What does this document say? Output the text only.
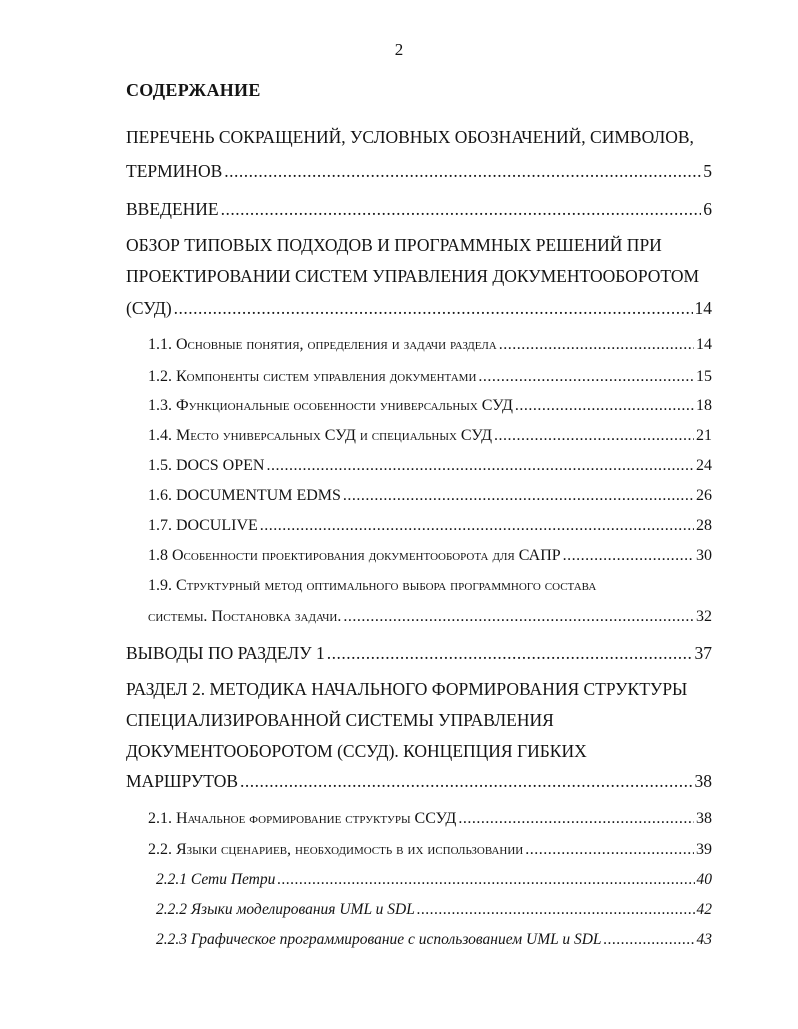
2
СОДЕРЖАНИЕ
ПЕРЕЧЕНЬ СОКРАЩЕНИЙ, УСЛОВНЫХ ОБОЗНАЧЕНИЙ, СИМВОЛОВ,
ТЕРМИНОВ .....	5
ВВЕДЕНИЕ .....	6
ОБЗОР ТИПОВЫХ ПОДХОДОВ И ПРОГРАММНЫХ РЕШЕНИЙ ПРИ
ПРОЕКТИРОВАНИИ СИСТЕМ УПРАВЛЕНИЯ ДОКУМЕНТООБОРОТОМ
(СУД) .....	14
1.1. Основные понятия, определения и задачи раздела .....	14
1.2. Компоненты систем управления документами .....	15
1.3. Функциональные особенности универсальных СУД .....	18
1.4. Место универсальных СУД и специальных СУД .....	21
1.5. DOCS OPEN .....	24
1.6. DOCUMENTUM EDMS .....	26
1.7. DOCULIVE .....	28
1.8 Особенности проектирования документооборота для САПР .....	30
1.9. Структурный метод оптимального выбора программного состава
системы. Постановка задачи. .....	32
ВЫВОДЫ ПО РАЗДЕЛУ 1 .....	37
РАЗДЕЛ 2. МЕТОДИКА НАЧАЛЬНОГО ФОРМИРОВАНИЯ СТРУКТУРЫ
СПЕЦИАЛИЗИРОВАННОЙ СИСТЕМЫ УПРАВЛЕНИЯ
ДОКУМЕНТООБОРОТОМ (ССУД). КОНЦЕПЦИЯ ГИБКИХ
МАРШРУТОВ .....	38
2.1. Начальное формирование структуры ССУД .....	38
2.2. Языки сценариев, необходимость в их использовании .....	39
2.2.1 Сети Петри .....	40
2.2.2 Языки моделирования UML и SDL .....	42
2.2.3 Графическое программирование с использованием UML и SDL .....	43
